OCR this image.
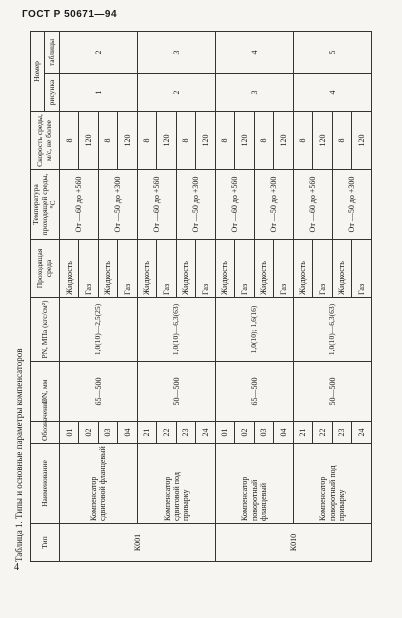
ГОСТ Р 50671—94
Таблица 1. Типы и основные параметры компенсаторов	Тип	Наименование	Обозначение	DN, мм	PN, МПа (кгс/см²)	Проходящая среда	Температура проходящей среды, °С	Скорость среды, м/с, не более	Номер	
								рисунка	таблицы
К001	Компенсатор сдвиговой фланцевый	01	65—500	1,0(10)—2,5(25)	Жидкость	От —60 до +560	8	1	2
		02			Газ		120		
		03			Жидкость	От —50 до +300	8		
		04			Газ		120		
	Компенсатор сдвиговой под приварку	21	50—500	1,0(10)—6,3(63)	Жидкость	От —60 до +560	8	2	3
		22			Газ		120		
		23			Жидкость	От —50 до +300	8		
		24			Газ		120		
К010	Компенсатор поворотный фланцевый	01	65—500	1,0(10); 1,6(16)	Жидкость	От —60 до +560	8	3	4
		02			Газ		120		
		03			Жидкость	От —50 до +300	8		
		04			Газ		120		
	Компенсатор поворотный под приварку	21	50—500	1,0(10)—6,3(63)	Жидкость	От —60 до +560	8	4	5
		22			Газ		120		
		23			Жидкость	От —50 до +300	8		
		24			Газ		120		
4
